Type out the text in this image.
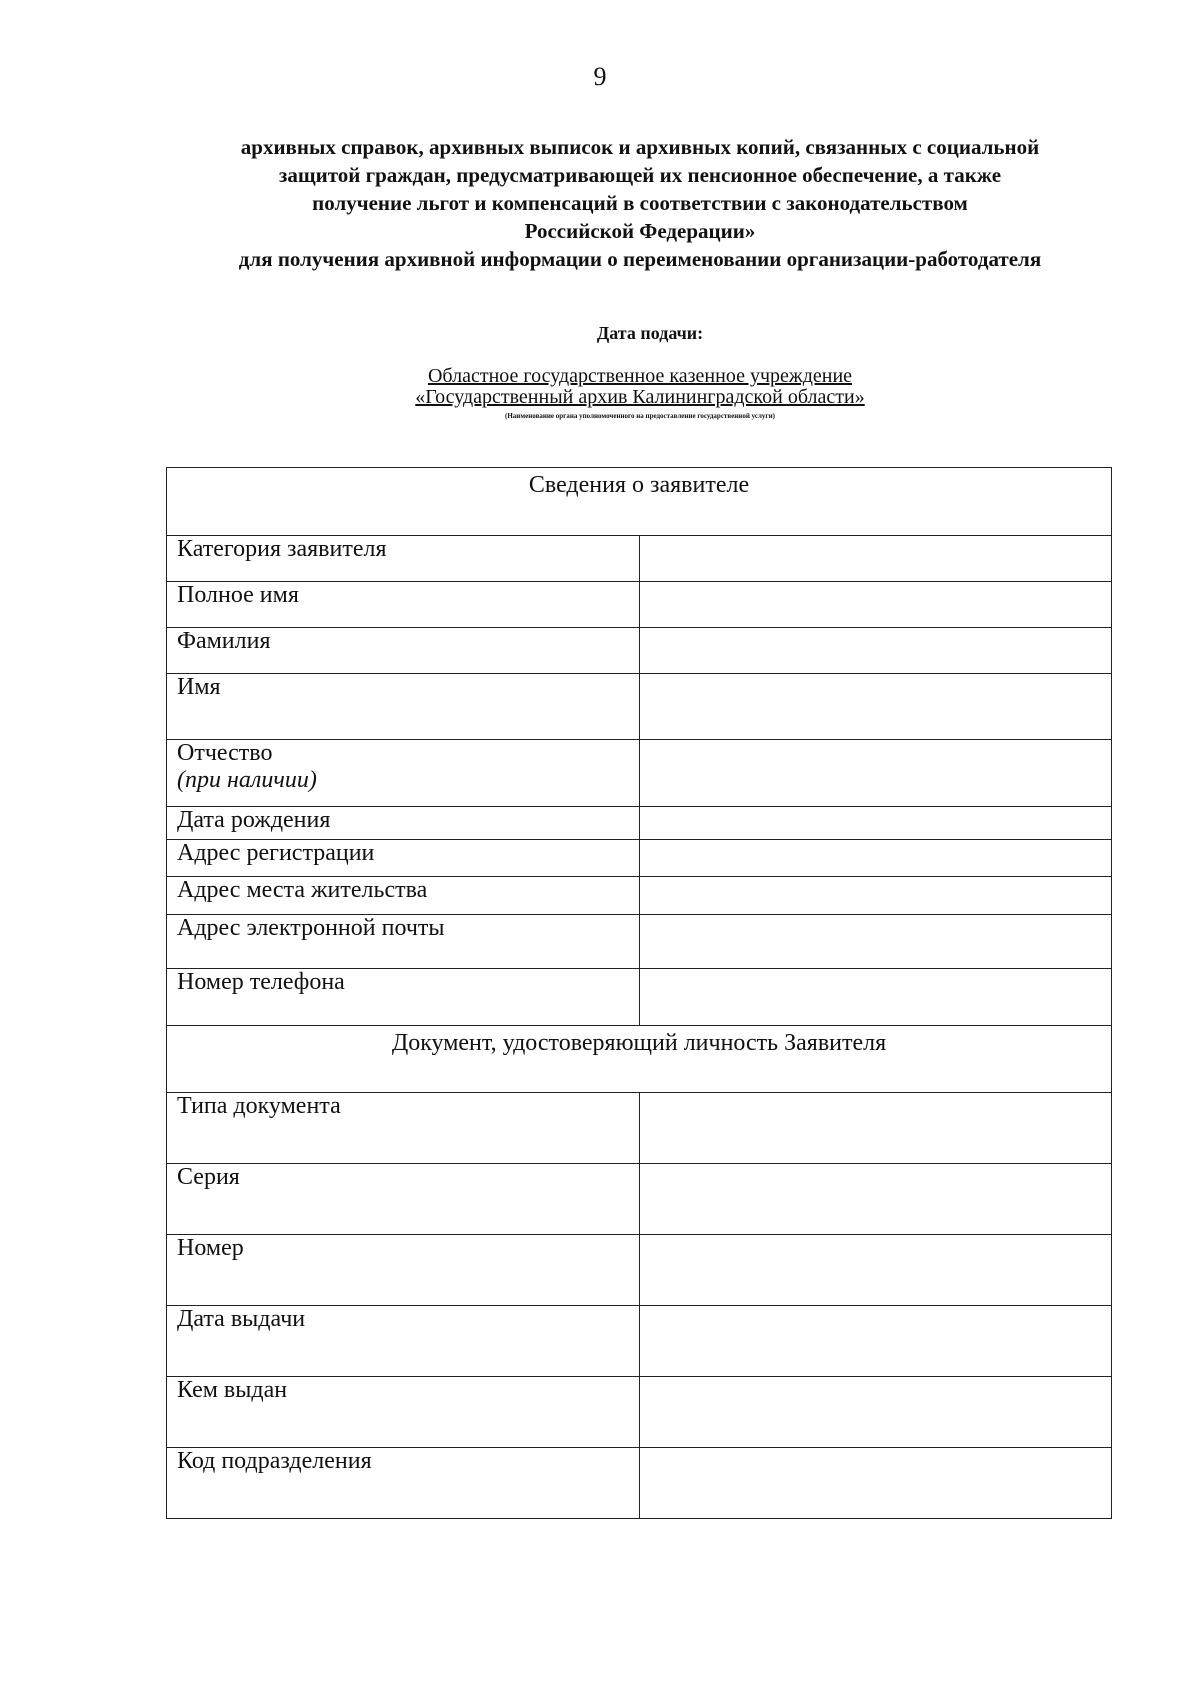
9
архивных справок, архивных выписок и архивных копий, связанных с социальной
защитой граждан, предусматривающей их пенсионное обеспечение, а также
получение льгот и компенсаций в соответствии с законодательством
Российской Федерации»
для получения архивной информации о переименовании организации-работодателя
Дата подачи:
Областное государственное казенное учреждение
«Государственный архив Калининградской области»
(Наименование органа уполномоченного на предоставление государственной услуги)
Сведения о заявителе	

Категория заявителя	

Полное имя	

Фамилия	

Имя	

Отчество
(при наличии)	

Дата рождения	

Адрес регистрации	

Адрес места жительства	

Адрес электронной почты	

Номер телефона	

Документ, удостоверяющий личность Заявителя	

Типа документа	

Серия	

Номер	

Дата выдачи	

Кем выдан	

Код подразделения	
